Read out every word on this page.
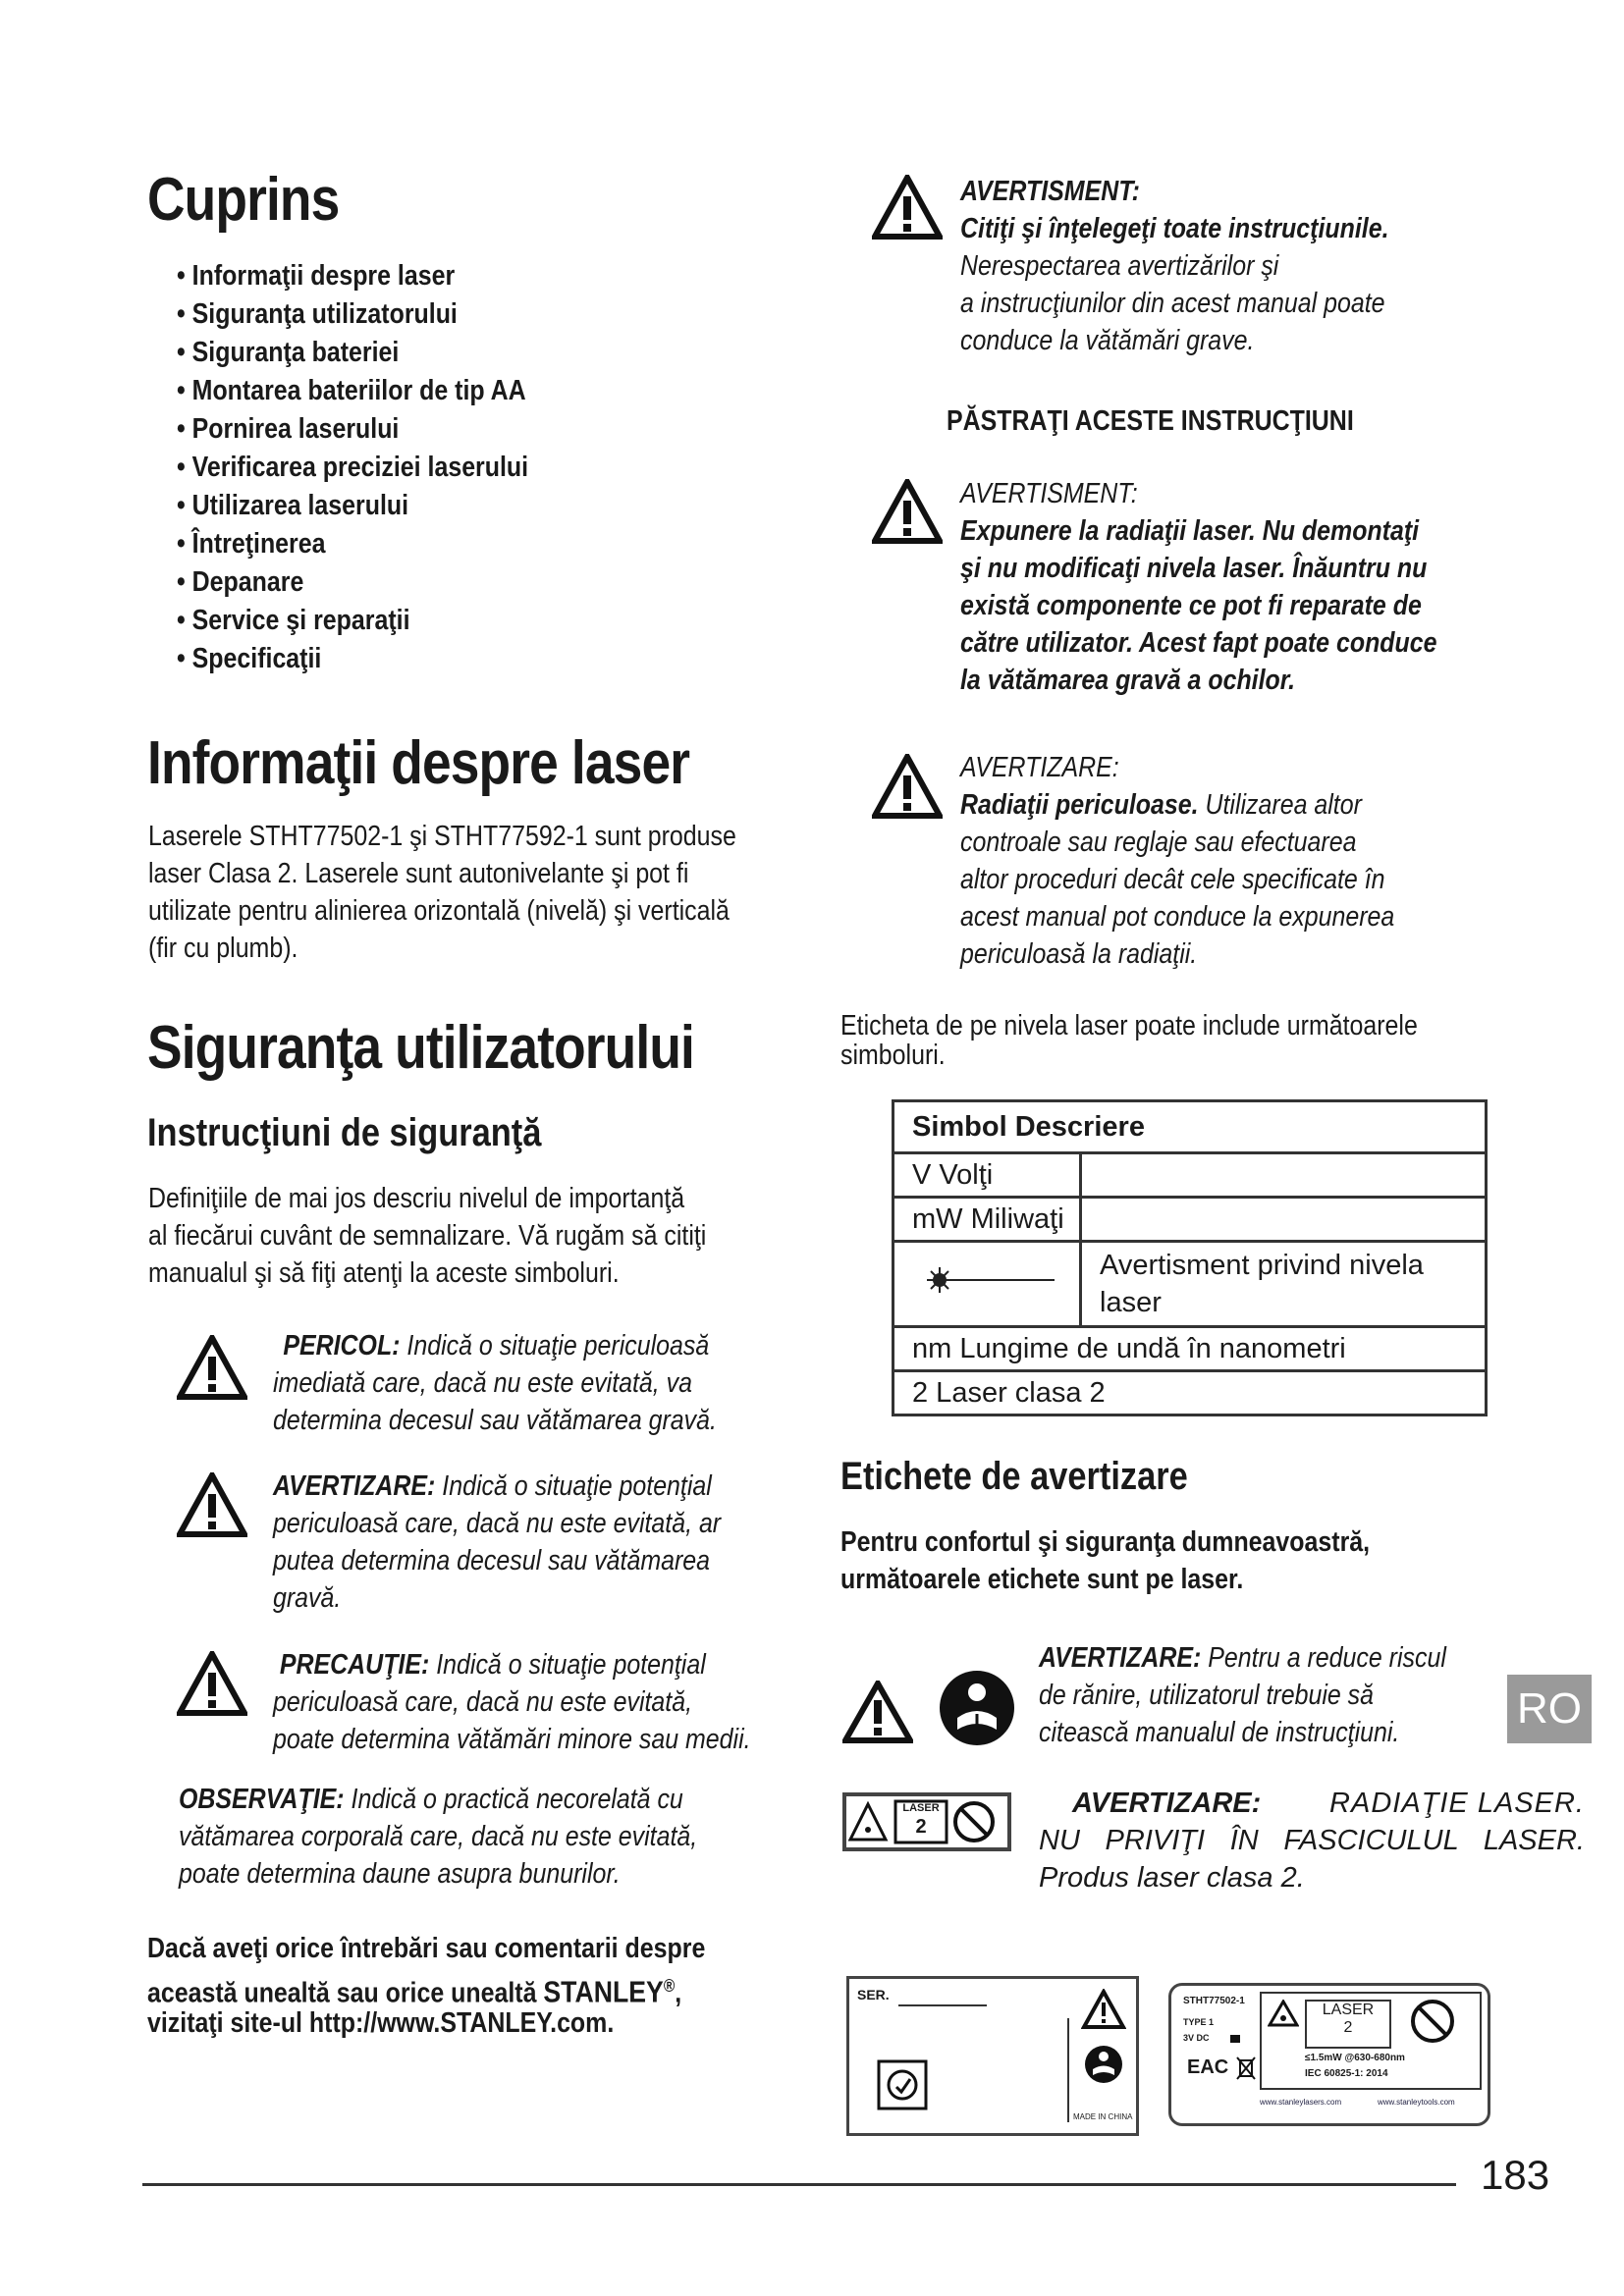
Cuprins
• Informaţii despre laser
• Siguranţa utilizatorului
• Siguranţa bateriei
• Montarea bateriilor de tip AA
• Pornirea laserului
• Verificarea preciziei laserului
• Utilizarea laserului
• Întreţinerea
• Depanare
• Service şi reparaţii
• Specificaţii
Informaţii despre laser
Laserele STHT77502-1 şi STHT77592-1 sunt produse
laser Clasa 2. Laserele sunt autonivelante şi pot fi
utilizate pentru alinierea orizontală (nivelă) şi verticală
(fir cu plumb).
Siguranţa utilizatorului
Instrucţiuni de siguranţă
Definiţiile de mai jos descriu nivelul de importanţă
al fiecărui cuvânt de semnalizare. Vă rugăm să citiţi
manualul şi să fiţi atenţi la aceste simboluri.
PERICOL: Indică o situaţie periculoasă
imediată care, dacă nu este evitată, va
determina decesul sau vătămarea gravă.
AVERTIZARE: Indică o situaţie potenţial
periculoasă care, dacă nu este evitată, ar
putea determina decesul sau vătămarea
gravă.
PRECAUŢIE: Indică o situaţie potenţial
periculoasă care, dacă nu este evitată,
poate determina vătămări minore sau medii.
OBSERVAŢIE: Indică o practică necorelată cu
vătămarea corporală care, dacă nu este evitată,
poate determina daune asupra bunurilor.
Dacă aveţi orice întrebări sau comentarii despre
această unealtă sau orice unealtă STANLEY®,
vizitaţi site-ul http://www.STANLEY.com.
AVERTISMENT:
Citiţi şi înţelegeţi toate instrucţiunile.
Nerespectarea avertizărilor şi
a instrucţiunilor din acest manual poate
conduce la vătămări grave.
PĂSTRAŢI ACESTE INSTRUCŢIUNI
AVERTISMENT:
Expunere la radiaţii laser. Nu demontaţi
şi nu modificaţi nivela laser. Înăuntru nu
există componente ce pot fi reparate de
către utilizator. Acest fapt poate conduce
la vătămarea gravă a ochilor.
AVERTIZARE:
Radiaţii periculoase. Utilizarea altor
controale sau reglaje sau efectuarea
altor proceduri decât cele specificate în
acest manual pot conduce la expunerea
periculoasă la radiaţii.
Eticheta de pe nivela laser poate include următoarele
simboluri.
Simbol Descriere	
V Volţi	
mW Miliwaţi	
	Avertisment privind nivela laser
nm Lungime de undă în nanometri	
2 Laser clasa 2	
Etichete de avertizare
Pentru confortul şi siguranţa dumneavoastră,
următoarele etichete sunt pe laser.
AVERTIZARE: Pentru a reduce riscul
de rănire, utilizatorul trebuie să
citească manualul de instrucţiuni.	RO
LASER
2
AVERTIZARE: RADIAŢIE LASER.
NU PRIVIŢI ÎN FASCICULUL LASER.
Produs laser clasa 2.
SER.
MADE IN CHINA
STHT77502-1
TYPE 1
3V DC
EAC
LASER
2
≤1.5mW @630-680nm
IEC 60825-1: 2014
www.stanleylasers.com	www.stanleytools.com
183
